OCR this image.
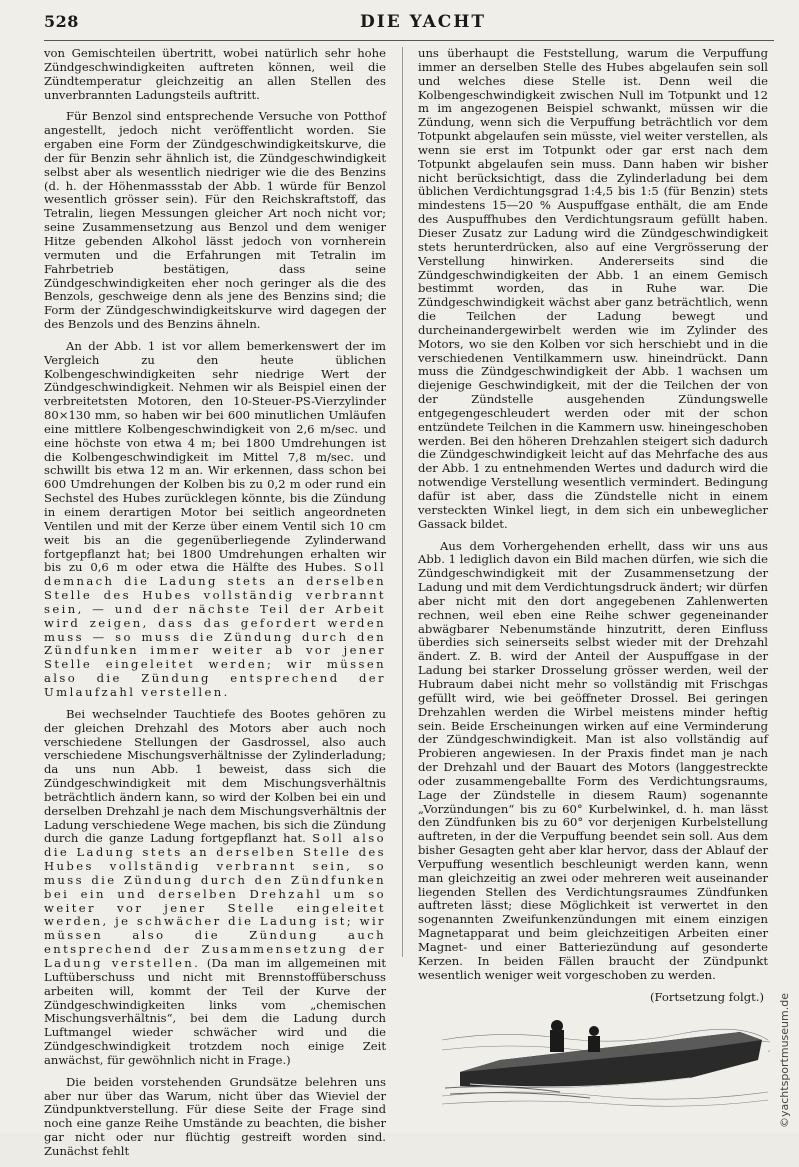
528	DIE YACHT

von Gemischteilen übertritt, wobei natürlich sehr hohe Zündgeschwindigkeiten auftreten können, weil die Zündtemperatur gleichzeitig an allen Stellen des unverbrannten Ladungsteils auftritt.

Für Benzol sind entsprechende Versuche von Potthof angestellt, jedoch nicht veröffentlicht worden. Sie ergaben eine Form der Zündgeschwindigkeitskurve, die der für Benzin sehr ähnlich ist, die Zündgeschwindigkeit selbst aber als wesentlich niedriger wie die des Benzins (d. h. der Höhenmassstab der Abb. 1 würde für Benzol wesentlich grösser sein). Für den Reichskraftstoff, das Tetralin, liegen Messungen gleicher Art noch nicht vor; seine Zusammensetzung aus Benzol und dem weniger Hitze gebenden Alkohol lässt jedoch von vornherein vermuten und die Erfahrungen mit Tetralin im Fahrbetrieb bestätigen, dass seine Zündgeschwindigkeiten eher noch geringer als die des Benzols, geschweige denn als jene des Benzins sind; die Form der Zündgeschwindigkeitskurve wird dagegen der des Benzols und des Benzins ähneln.

An der Abb. 1 ist vor allem bemerkenswert der im Vergleich zu den heute üblichen Kolbengeschwindigkeiten sehr niedrige Wert der Zündgeschwindigkeit. Nehmen wir als Beispiel einen der verbreitetsten Motoren, den 10-Steuer-PS-Vierzylinder 80×130 mm, so haben wir bei 600 minutlichen Umläufen eine mittlere Kolbengeschwindigkeit von 2,6 m/sec. und eine höchste von etwa 4 m; bei 1800 Umdrehungen ist die Kolbengeschwindigkeit im Mittel 7,8 m/sec. und schwillt bis etwa 12 m an. Wir erkennen, dass schon bei 600 Umdrehungen der Kolben bis zu 0,2 m oder rund ein Sechstel des Hubes zurücklegen könnte, bis die Zündung in einem derartigen Motor bei seitlich angeordneten Ventilen und mit der Kerze über einem Ventil sich 10 cm weit bis an die gegenüberliegende Zylinderwand fortgepflanzt hat; bei 1800 Umdrehungen erhalten wir bis zu 0,6 m oder etwa die Hälfte des Hubes. Soll demnach die Ladung stets an derselben Stelle des Hubes vollständig verbrannt sein, — und der nächste Teil der Arbeit wird zeigen, dass das gefordert werden muss — so muss die Zündung durch den Zündfunken immer weiter ab vor jener Stelle eingeleitet werden; wir müssen also die Zündung entsprechend der Umlaufzahl verstellen.

Bei wechselnder Tauchtiefe des Bootes gehören zu der gleichen Drehzahl des Motors aber auch noch verschiedene Stellungen der Gasdrossel, also auch verschiedene Mischungsverhältnisse der Zylinderladung; da uns nun Abb. 1 beweist, dass sich die Zündgeschwindigkeit mit dem Mischungsverhältnis beträchtlich ändern kann, so wird der Kolben bei ein und derselben Drehzahl je nach dem Mischungsverhältnis der Ladung verschiedene Wege machen, bis sich die Zündung durch die ganze Ladung fortgepflanzt hat. Soll also die Ladung stets an derselben Stelle des Hubes vollständig verbrannt sein, so muss die Zündung durch den Zündfunken bei ein und derselben Drehzahl um so weiter vor jener Stelle eingeleitet werden, je schwächer die Ladung ist; wir müssen also die Zündung auch entsprechend der Zusammensetzung der Ladung verstellen. (Da man im allgemeinen mit Luftüberschuss und nicht mit Brennstoffüberschuss arbeiten will, kommt der Teil der Kurve der Zündgeschwindigkeiten links vom „chemischen Mischungsverhältnis“, bei dem die Ladung durch Luftmangel wieder schwächer wird und die Zündgeschwindigkeit trotzdem noch einige Zeit anwächst, für gewöhnlich nicht in Frage.)

Die beiden vorstehenden Grundsätze belehren uns aber nur über das Warum, nicht über das Wieviel der Zündpunktverstellung. Für diese Seite der Frage sind noch eine ganze Reihe Umstände zu beachten, die bisher gar nicht oder nur flüchtig gestreift worden sind. Zunächst fehlt

uns überhaupt die Feststellung, warum die Verpuffung immer an derselben Stelle des Hubes abgelaufen sein soll und welches diese Stelle ist. Denn weil die Kolbengeschwindigkeit zwischen Null im Totpunkt und 12 m im angezogenen Beispiel schwankt, müssen wir die Zündung, wenn sich die Verpuffung beträchtlich vor dem Totpunkt abgelaufen sein müsste, viel weiter verstellen, als wenn sie erst im Totpunkt oder gar erst nach dem Totpunkt abgelaufen sein muss. Dann haben wir bisher nicht berücksichtigt, dass die Zylinderladung bei dem üblichen Verdichtungsgrad 1:4,5 bis 1:5 (für Benzin) stets mindestens 15—20 % Auspuffgase enthält, die am Ende des Auspuffhubes den Verdichtungsraum gefüllt haben. Dieser Zusatz zur Ladung wird die Zündgeschwindigkeit stets herunterdrücken, also auf eine Vergrösserung der Verstellung hinwirken. Andererseits sind die Zündgeschwindigkeiten der Abb. 1 an einem Gemisch bestimmt worden, das in Ruhe war. Die Zündgeschwindigkeit wächst aber ganz beträchtlich, wenn die Teilchen der Ladung bewegt und durcheinandergewirbelt werden wie im Zylinder des Motors, wo sie den Kolben vor sich herschiebt und in die verschiedenen Ventilkammern usw. hineindrückt. Dann muss die Zündgeschwindigkeit der Abb. 1 wachsen um diejenige Geschwindigkeit, mit der die Teilchen der von der Zündstelle ausgehenden Zündungswelle entgegengeschleudert werden oder mit der schon entzündete Teilchen in die Kammern usw. hineingeschoben werden. Bei den höheren Drehzahlen steigert sich dadurch die Zündgeschwindigkeit leicht auf das Mehrfache des aus der Abb. 1 zu entnehmenden Wertes und dadurch wird die notwendige Verstellung wesentlich vermindert. Bedingung dafür ist aber, dass die Zündstelle nicht in einem versteckten Winkel liegt, in dem sich ein unbeweglicher Gassack bildet.

Aus dem Vorhergehenden erhellt, dass wir uns aus Abb. 1 lediglich davon ein Bild machen dürfen, wie sich die Zündgeschwindigkeit mit der Zusammensetzung der Ladung und mit dem Verdichtungsdruck ändert; wir dürfen aber nicht mit den dort angegebenen Zahlenwerten rechnen, weil eben eine Reihe schwer gegeneinander abwägbarer Nebenumstände hinzutritt, deren Einfluss überdies sich seinerseits selbst wieder mit der Drehzahl ändert. Z. B. wird der Anteil der Auspuffgase in der Ladung bei starker Drosselung grösser werden, weil der Hubraum dabei nicht mehr so vollständig mit Frischgas gefüllt wird, wie bei geöffneter Drossel. Bei geringen Drehzahlen werden die Wirbel meistens minder heftig sein. Beide Erscheinungen wirken auf eine Verminderung der Zündgeschwindigkeit. Man ist also vollständig auf Probieren angewiesen. In der Praxis findet man je nach der Drehzahl und der Bauart des Motors (langgestreckte oder zusammengeballte Form des Verdichtungsraums, Lage der Zündstelle in diesem Raum) sogenannte „Vorzündungen“ bis zu 60° Kurbelwinkel, d. h. man lässt den Zündfunken bis zu 60° vor derjenigen Kurbelstellung auftreten, in der die Verpuffung beendet sein soll. Aus dem bisher Gesagten geht aber klar hervor, dass der Ablauf der Verpuffung wesentlich beschleunigt werden kann, wenn man gleichzeitig an zwei oder mehreren weit auseinander liegenden Stellen des Verdichtungsraumes Zündfunken auftreten lässt; diese Möglichkeit ist verwertet in den sogenannten Zweifunkenzündungen mit einem einzigen Magnetapparat und beim gleichzeitigen Arbeiten einer Magnet- und einer Batteriezündung auf gesonderte Kerzen. In beiden Fällen braucht der Zündpunkt wesentlich weniger weit vorgeschoben zu werden.

(Fortsetzung folgt.) ©yachtsportmuseum.de
